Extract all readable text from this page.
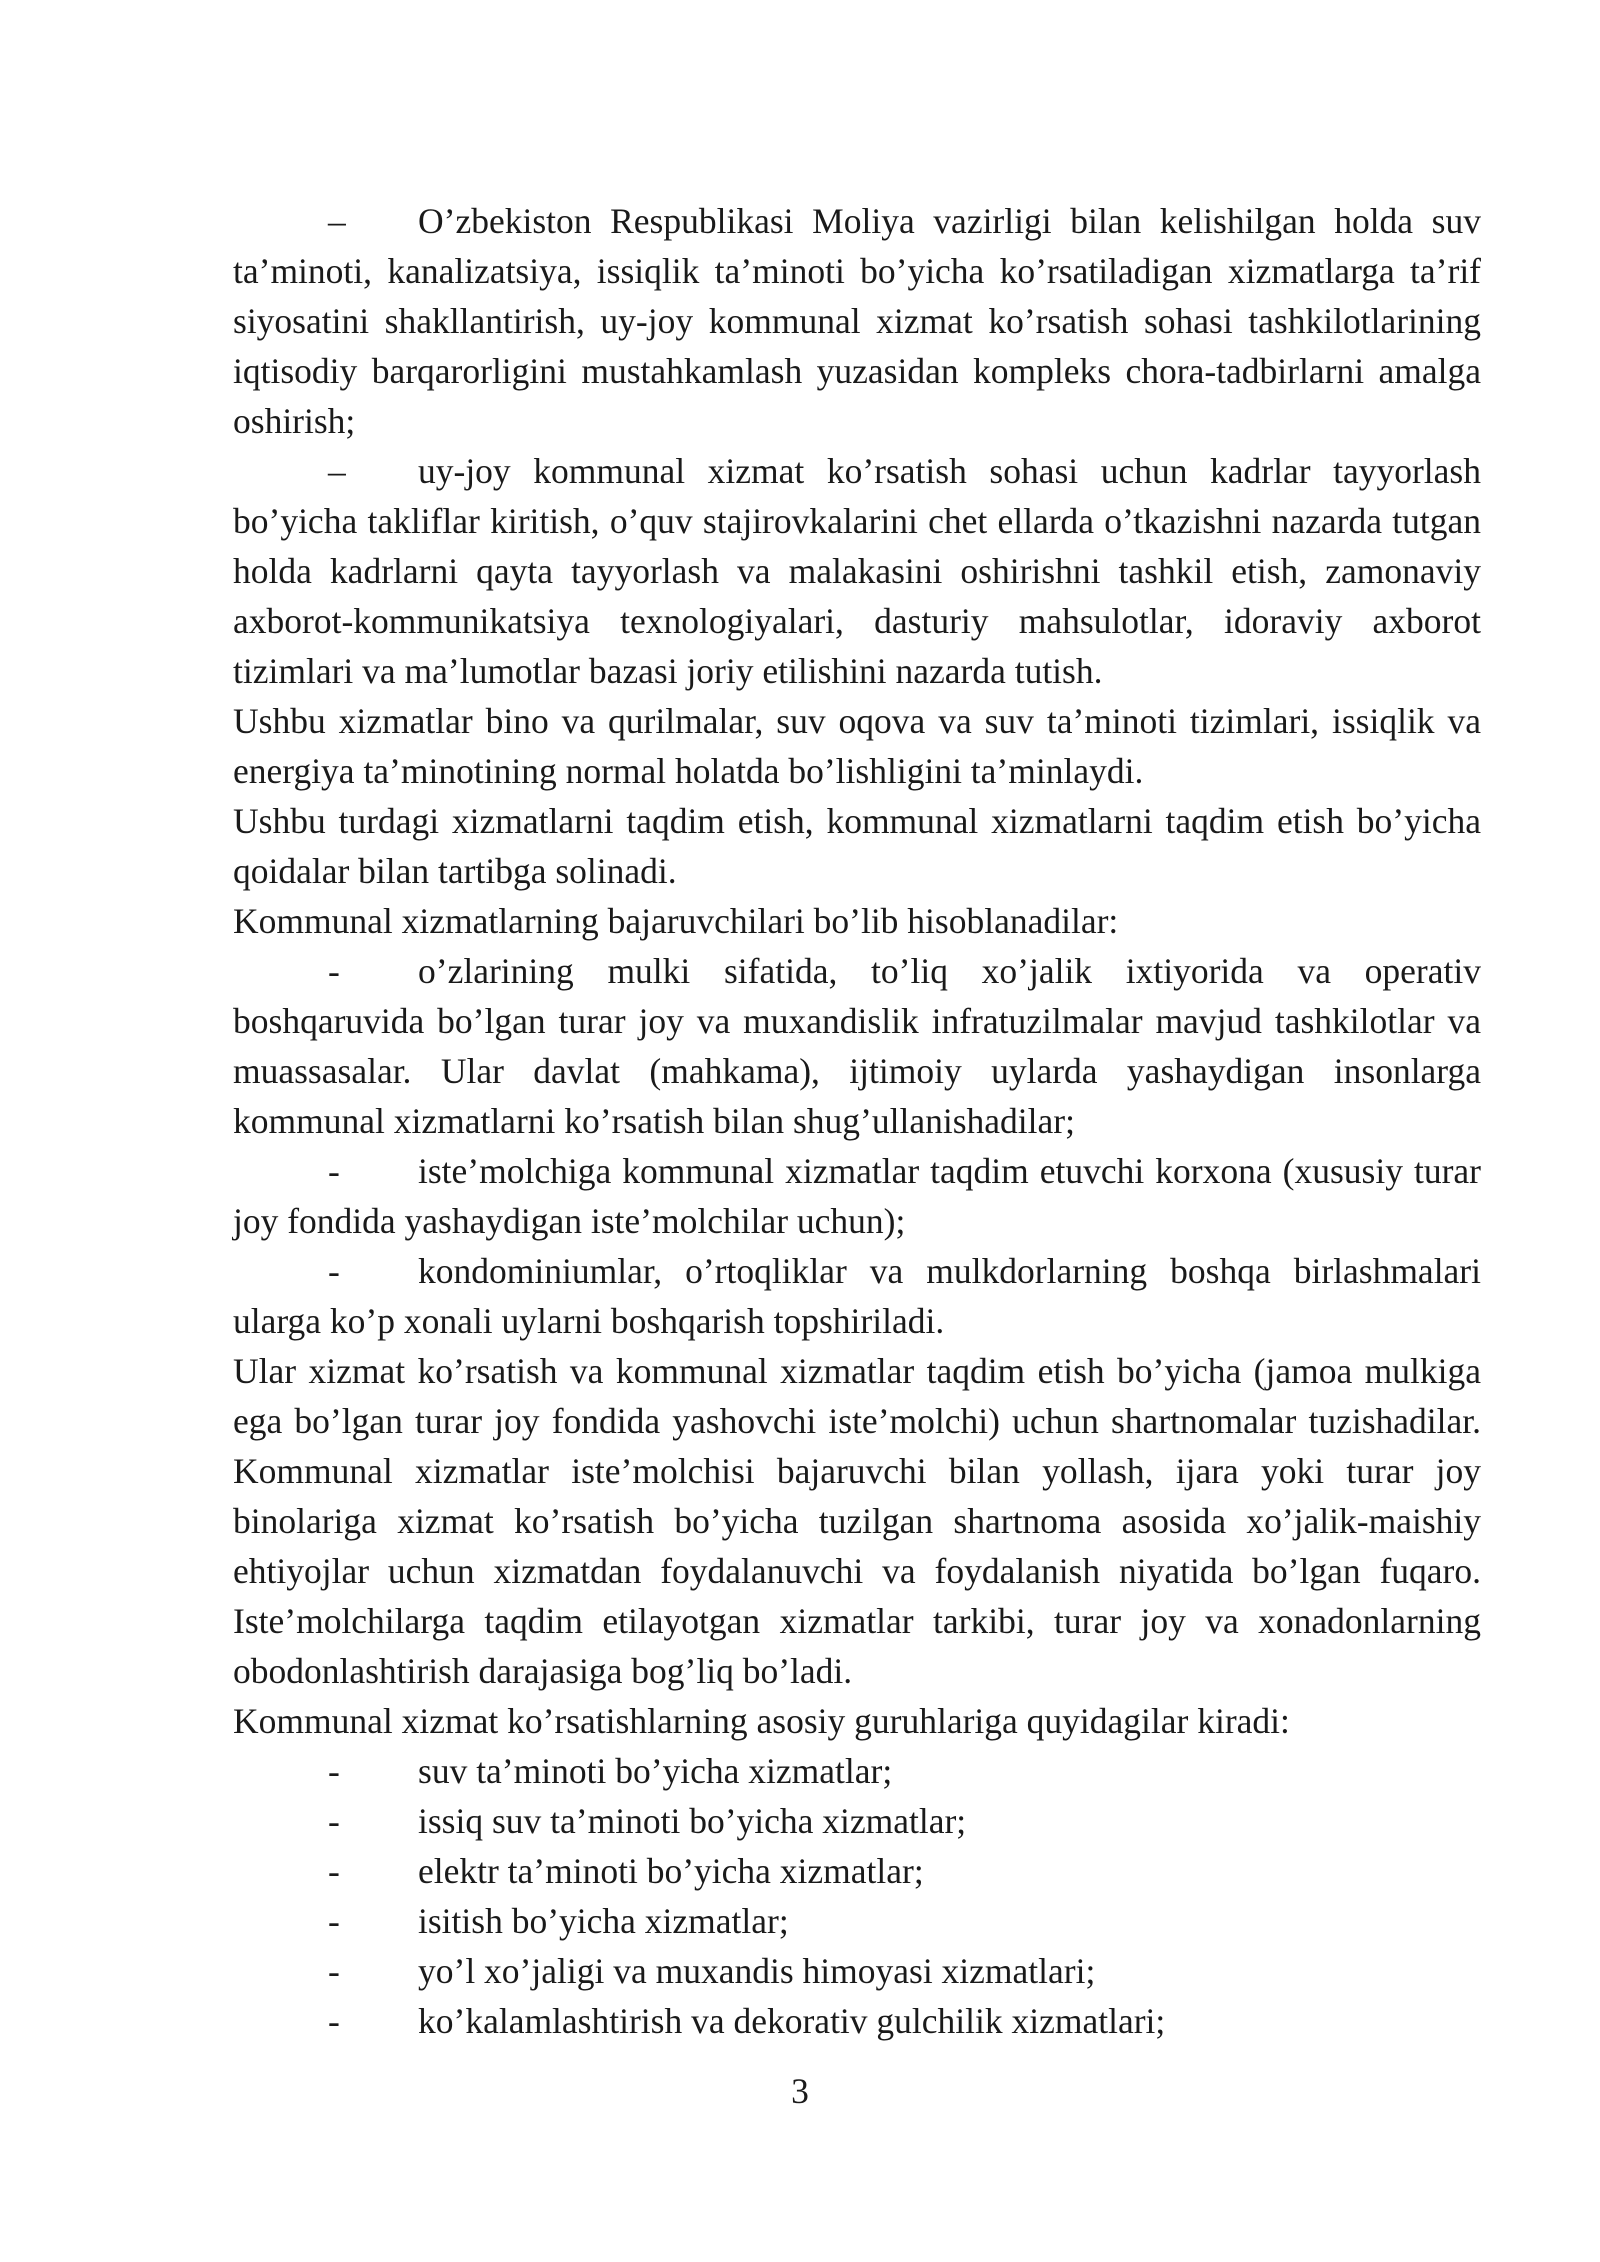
– O’zbekiston Respublikasi Moliya vazirligi bilan kelishilgan holda suv ta’minoti, kanalizatsiya, issiqlik ta’minoti bo’yicha ko’rsatiladigan xizmatlarga ta’rif siyosatini shakllantirish, uy-joy kommunal xizmat ko’rsatish sohasi tashkilotlarining iqtisodiy barqarorligini mustahkamlash yuzasidan kompleks chora-tadbirlarni amalga oshirish;

– uy-joy kommunal xizmat ko’rsatish sohasi uchun kadrlar tayyorlash bo’yicha takliflar kiritish, o’quv stajirovkalarini chet ellarda o’tkazishni nazarda tutgan holda kadrlarni qayta tayyorlash va malakasini oshirishni tashkil etish, zamonaviy axborot-kommunikatsiya texnologiyalari, dasturiy mahsulotlar, idoraviy axborot tizimlari va ma’lumotlar bazasi joriy etilishini nazarda tutish.

Ushbu xizmatlar bino va qurilmalar, suv oqova va suv ta’minoti tizimlari, issiqlik va energiya ta’minotining normal holatda bo’lishligini ta’minlaydi.

Ushbu turdagi xizmatlarni taqdim etish, kommunal xizmatlarni taqdim etish bo’yicha qoidalar bilan tartibga solinadi.

Kommunal xizmatlarning bajaruvchilari bo’lib hisoblanadilar:

- o’zlarining mulki sifatida, to’liq xo’jalik ixtiyorida va operativ boshqaruvida bo’lgan turar joy va muxandislik infratuzilmalar mavjud tashkilotlar va muassasalar. Ular davlat (mahkama), ijtimoiy uylarda yashaydigan insonlarga kommunal xizmatlarni ko’rsatish bilan shug’ullanishadilar;

- iste’molchiga kommunal xizmatlar taqdim etuvchi korxona (xususiy turar joy fondida yashaydigan iste’molchilar uchun);

- kondominiumlar, o’rtoqliklar va mulkdorlarning boshqa birlashmalari ularga ko’p xonali uylarni boshqarish topshiriladi.

Ular xizmat ko’rsatish va kommunal xizmatlar taqdim etish bo’yicha (jamoa mulkiga ega bo’lgan turar joy fondida yashovchi iste’molchi) uchun shartnomalar tuzishadilar. Kommunal xizmatlar iste’molchisi bajaruvchi bilan yollash, ijara yoki turar joy binolariga xizmat ko’rsatish bo’yicha tuzilgan shartnoma asosida xo’jalik-maishiy ehtiyojlar uchun xizmatdan foydalanuvchi va foydalanish niyatida bo’lgan fuqaro. Iste’molchilarga taqdim etilayotgan xizmatlar tarkibi, turar joy va xonadonlarning obodonlashtirish darajasiga bog’liq bo’ladi.

Kommunal xizmat ko’rsatishlarning asosiy guruhlariga quyidagilar kiradi:

-	suv ta’minoti bo’yicha xizmatlar;
-	issiq suv ta’minoti bo’yicha xizmatlar;
-	elektr ta’minoti bo’yicha xizmatlar;
-	isitish bo’yicha xizmatlar;
-	yo’l xo’jaligi va muxandis himoyasi xizmatlari;
-	ko’kalamlashtirish va dekorativ gulchilik xizmatlari;
3
